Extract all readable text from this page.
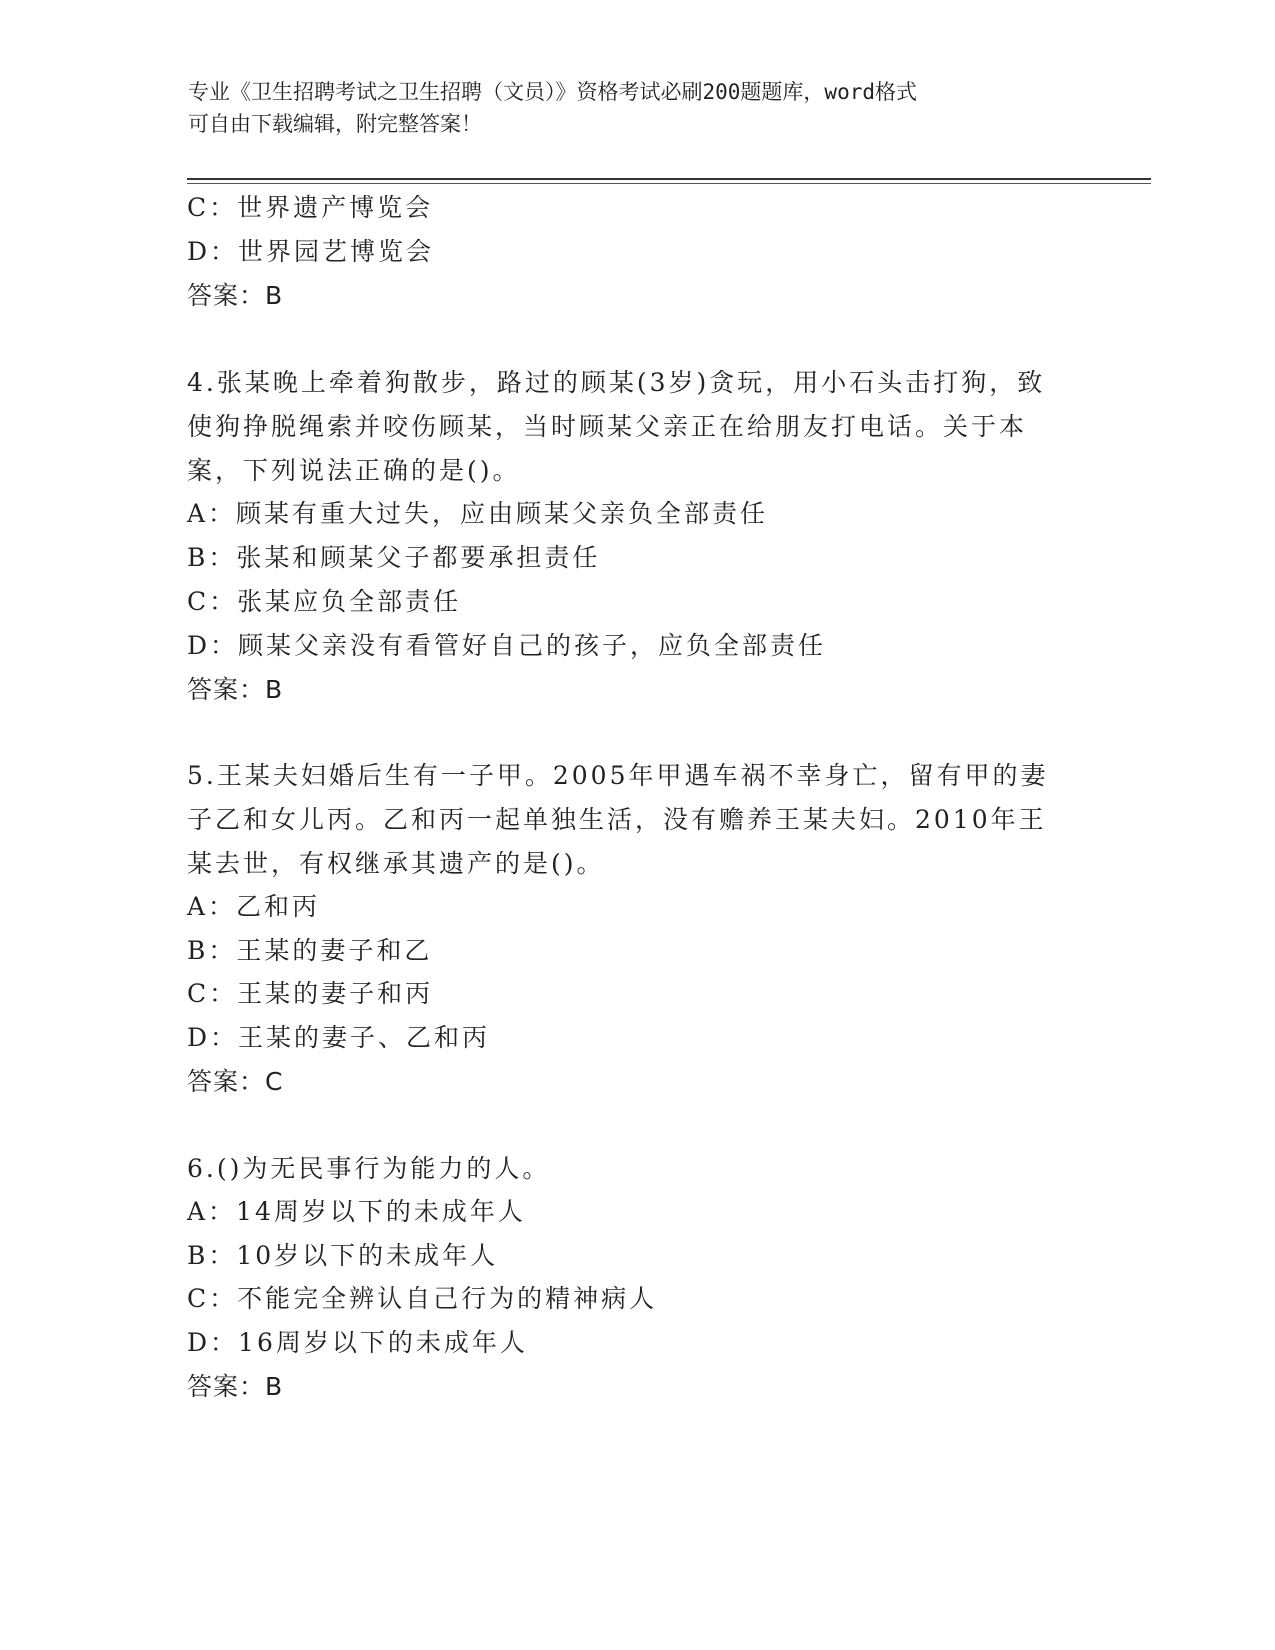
专业《卫生招聘考试之卫生招聘（文员）》资格考试必刷200题题库，word格式
可自由下载编辑，附完整答案！
C：世界遗产博览会
D：世界园艺博览会
答案：B
4.张某晚上牵着狗散步，路过的顾某(3岁)贪玩，用小石头击打狗，致
使狗挣脱绳索并咬伤顾某，当时顾某父亲正在给朋友打电话。关于本
案，下列说法正确的是()。
A：顾某有重大过失，应由顾某父亲负全部责任
B：张某和顾某父子都要承担责任
C：张某应负全部责任
D：顾某父亲没有看管好自己的孩子，应负全部责任
答案：B
5.王某夫妇婚后生有一子甲。2005年甲遇车祸不幸身亡，留有甲的妻
子乙和女儿丙。乙和丙一起单独生活，没有赡养王某夫妇。2010年王
某去世，有权继承其遗产的是()。
A：乙和丙
B：王某的妻子和乙
C：王某的妻子和丙
D：王某的妻子、乙和丙
答案：C
6.()为无民事行为能力的人。
A：14周岁以下的未成年人
B：10岁以下的未成年人
C：不能完全辨认自己行为的精神病人
D：16周岁以下的未成年人
答案：B
